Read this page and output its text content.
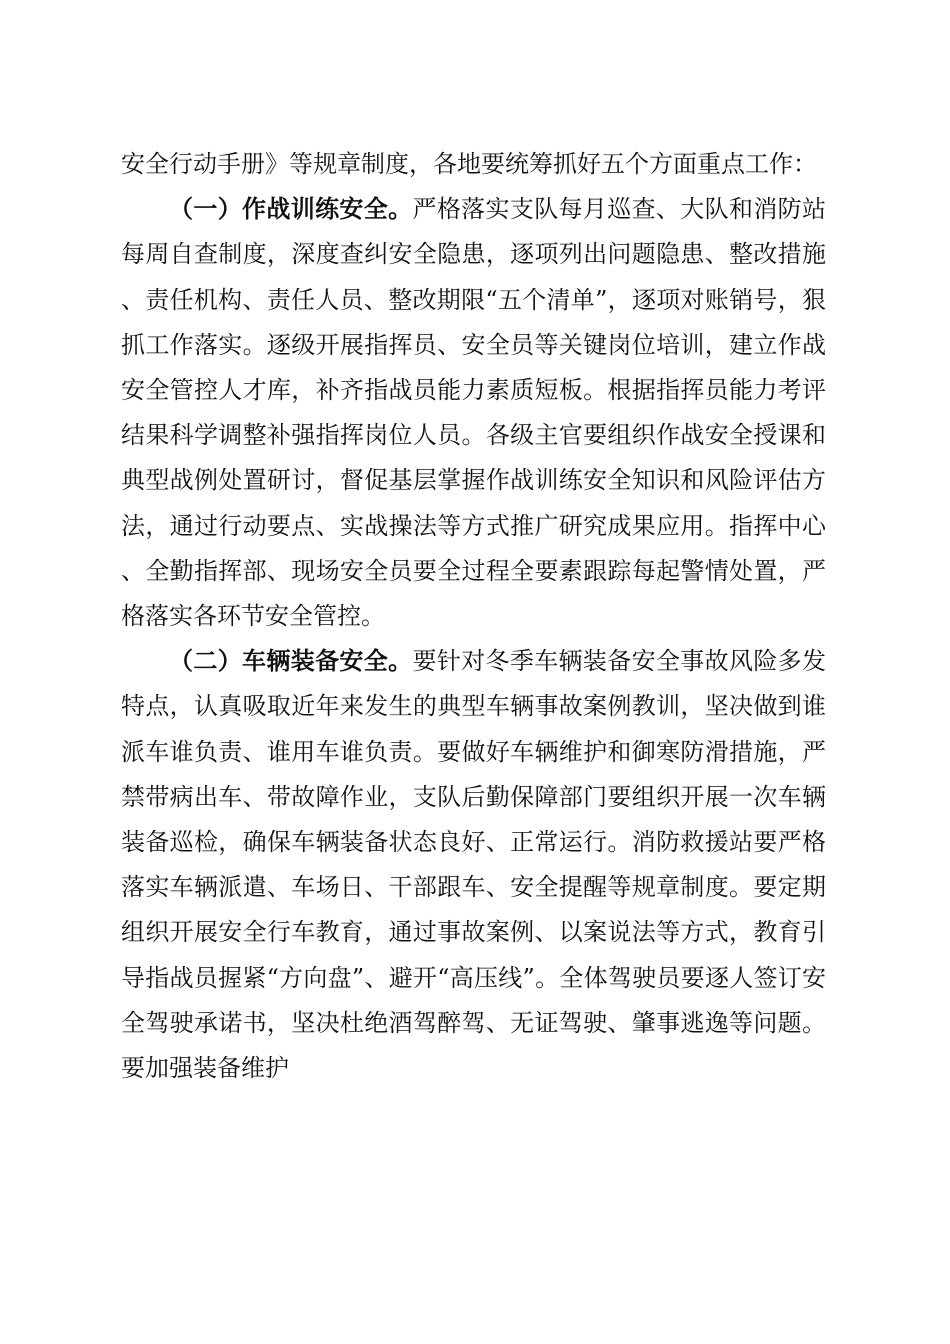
安全行动手册》等规章制度，各地要统筹抓好五个方面重点工作：

（一）作战训练安全。严格落实支队每月巡查、大队和消防站每周自查制度，深度查纠安全隐患，逐项列出问题隐患、整改措施、责任机构、责任人员、整改期限“五个清单”，逐项对账销号，狠抓工作落实。逐级开展指挥员、安全员等关键岗位培训，建立作战安全管控人才库，补齐指战员能力素质短板。根据指挥员能力考评结果科学调整补强指挥岗位人员。各级主官要组织作战安全授课和典型战例处置研讨，督促基层掌握作战训练安全知识和风险评估方法，通过行动要点、实战操法等方式推广研究成果应用。指挥中心、全勤指挥部、现场安全员要全过程全要素跟踪每起警情处置，严格落实各环节安全管控。

（二）车辆装备安全。要针对冬季车辆装备安全事故风险多发特点，认真吸取近年来发生的典型车辆事故案例教训，坚决做到谁派车谁负责、谁用车谁负责。要做好车辆维护和御寒防滑措施，严禁带病出车、带故障作业，支队后勤保障部门要组织开展一次车辆装备巡检，确保车辆装备状态良好、正常运行。消防救援站要严格落实车辆派遣、车场日、干部跟车、安全提醒等规章制度。要定期组织开展安全行车教育，通过事故案例、以案说法等方式，教育引导指战员握紧“方向盘”、避开“高压线”。全体驾驶员要逐人签订安全驾驶承诺书，坚决杜绝酒驾醉驾、无证驾驶、肇事逃逸等问题。要加强装备维护
